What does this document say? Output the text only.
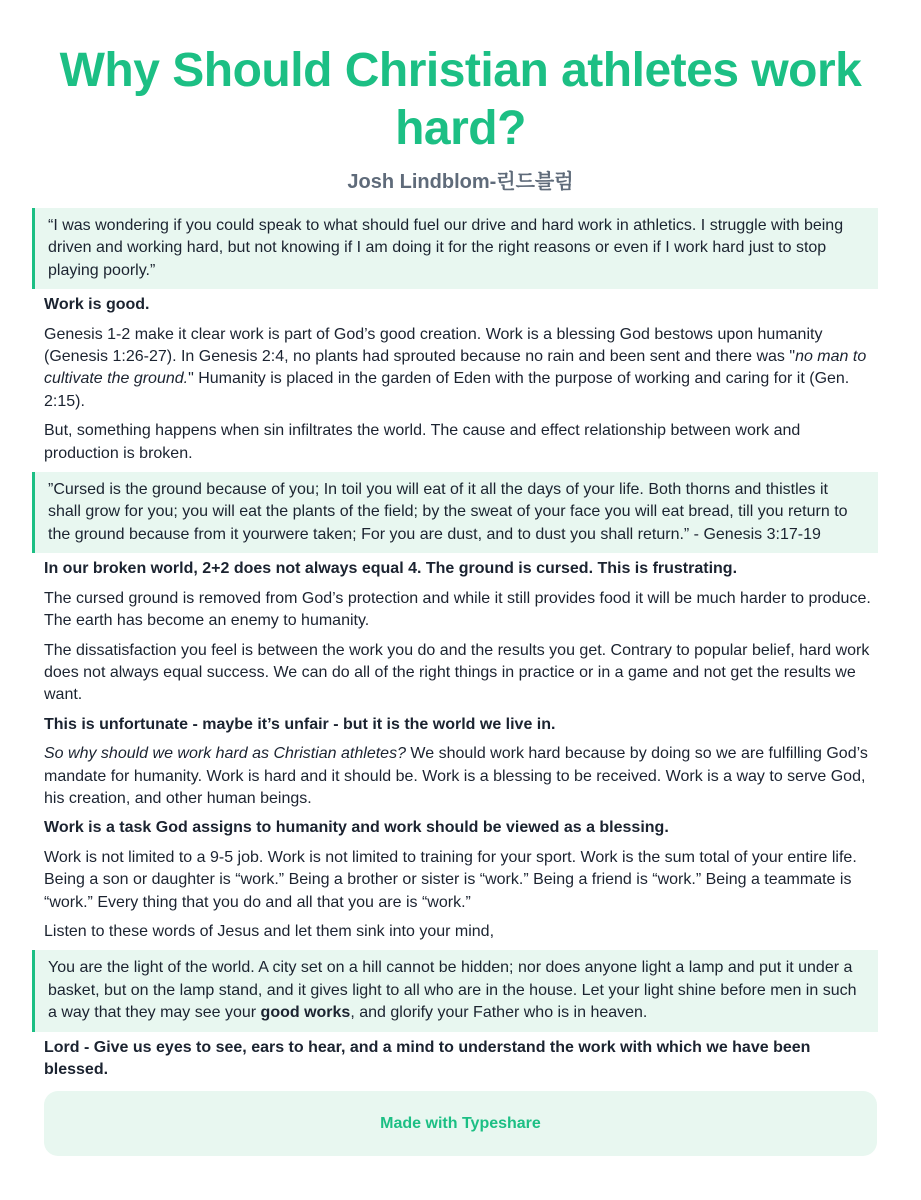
Why Should Christian athletes work hard?
Josh Lindblom-린드블럼
“I was wondering if you could speak to what should fuel our drive and hard work in athletics. I struggle with being driven and working hard, but not knowing if I am doing it for the right reasons or even if I work hard just to stop playing poorly.”

Work is good.

Genesis 1-2 make it clear work is part of God’s good creation. Work is a blessing God bestows upon humanity (Genesis 1:26-27). In Genesis 2:4, no plants had sprouted because no rain and been sent and there was "no man to cultivate the ground." Humanity is placed in the garden of Eden with the purpose of working and caring for it (Gen. 2:15).

But, something happens when sin infiltrates the world. The cause and effect relationship between work and production is broken.

”Cursed is the ground because of you; In toil you will eat of it all the days of your life. Both thorns and thistles it shall grow for you; you will eat the plants of the field; by the sweat of your face you will eat bread, till you return to the ground because from it yourwere taken; For you are dust, and to dust you shall return.” - Genesis 3:17-19

In our broken world, 2+2 does not always equal 4. The ground is cursed. This is frustrating.

The cursed ground is removed from God’s protection and while it still provides food it will be much harder to produce. The earth has become an enemy to humanity.

The dissatisfaction you feel is between the work you do and the results you get. Contrary to popular belief, hard work does not always equal success. We can do all of the right things in practice or in a game and not get the results we want.

This is unfortunate - maybe it’s unfair - but it is the world we live in.

So why should we work hard as Christian athletes? We should work hard because by doing so we are fulfilling God’s mandate for humanity. Work is hard and it should be. Work is a blessing to be received. Work is a way to serve God, his creation, and other human beings.

Work is a task God assigns to humanity and work should be viewed as a blessing.

Work is not limited to a 9-5 job. Work is not limited to training for your sport. Work is the sum total of your entire life. Being a son or daughter is “work.” Being a brother or sister is “work.” Being a friend is “work.” Being a teammate is “work.” Every thing that you do and all that you are is “work.”

Listen to these words of Jesus and let them sink into your mind,

You are the light of the world. A city set on a hill cannot be hidden; nor does anyone light a lamp and put it under a basket, but on the lamp stand, and it gives light to all who are in the house. Let your light shine before men in such a way that they may see your good works, and glorify your Father who is in heaven.

Lord - Give us eyes to see, ears to hear, and a mind to understand the work with which we have been blessed.

Made with Typeshare
